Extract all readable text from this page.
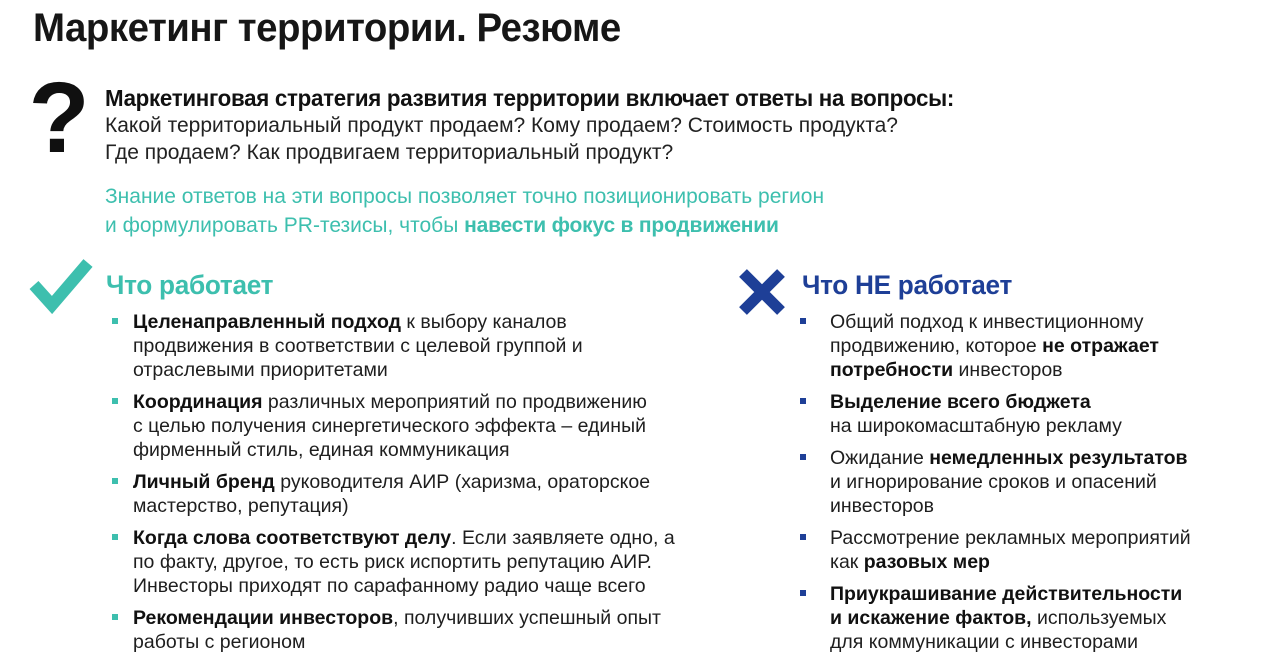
Маркетинг территории. Резюме
? Маркетинговая стратегия развития территории включает ответы на вопросы:
Какой территориальный продукт продаем? Кому продаем? Стоимость продукта?
Где продаем? Как продвигаем территориальный продукт?
Знание ответов на эти вопросы позволяет точно позиционировать регион
и формулировать PR-тезисы, чтобы навести фокус в продвижении
Что работает	Что НЕ работает
Целенаправленный подход к выбору каналов
продвижения в соответствии с целевой группой и
отраслевыми приоритетами
Координация различных мероприятий по продвижению
с целью получения синергетического эффекта – единый
фирменный стиль, единая коммуникация
Личный бренд руководителя АИР (харизма, ораторское
мастерство, репутация)
Когда слова соответствуют делу. Если заявляете одно, а
по факту, другое, то есть риск испортить репутацию АИР.
Инвесторы приходят по сарафанному радио чаще всего
Рекомендации инвесторов, получивших успешный опыт
работы с регионом
Общий подход к инвестиционному
продвижению, которое не отражает
потребности инвесторов
Выделение всего бюджета
на широкомасштабную рекламу
Ожидание немедленных результатов
и игнорирование сроков и опасений
инвесторов
Рассмотрение рекламных мероприятий
как разовых мер
Приукрашивание действительности
и искажение фактов, используемых
для коммуникации с инвесторами
